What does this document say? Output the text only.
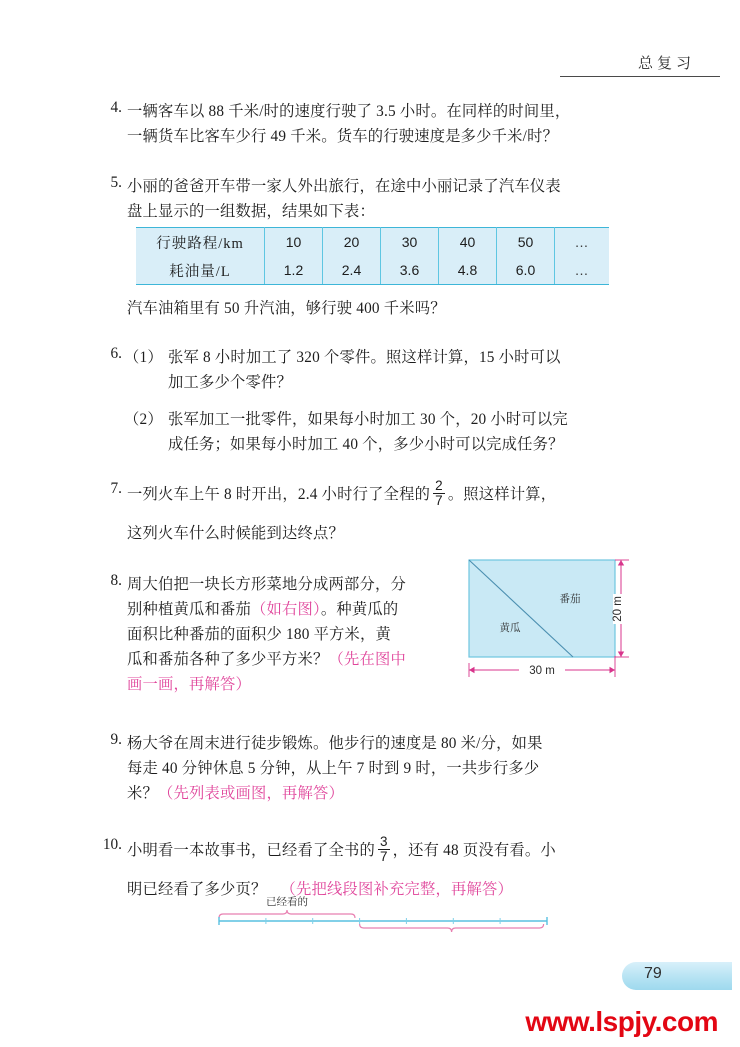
总复习
4. 一辆客车以 88 千米/时的速度行驶了 3.5 小时。在同样的时间里，
一辆货车比客车少行 49 千米。货车的行驶速度是多少千米/时？
5. 小丽的爸爸开车带一家人外出旅行，在途中小丽记录了汽车仪表
盘上显示的一组数据，结果如下表：
行驶路程/km	10	20	30	40	50	…
耗油量/L	1.2	2.4	3.6	4.8	6.0	…
汽车油箱里有 50 升汽油，够行驶 400 千米吗？
6. （1） 张军 8 小时加工了 320 个零件。照这样计算，15 小时可以
加工多少个零件？
（2） 张军加工一批零件，如果每小时加工 30 个，20 小时可以完
成任务；如果每小时加工 40 个，多少小时可以完成任务？
7. 一列火车上午 8 时开出，2.4 小时行了全程的 $\frac{2}{7}$ 。照这样计算，
这列火车什么时候能到达终点？
8. 周大伯把一块长方形菜地分成两部分，分
别种植黄瓜和番茄（如右图）。种黄瓜的
面积比种番茄的面积少 180 平方米，黄
瓜和番茄各种了多少平方米？（先在图中
画一画，再解答）
黄瓜
番茄	20 m
30 m
9. 杨大爷在周末进行徒步锻炼。他步行的速度是 80 米/分，如果
每走 40 分钟休息 5 分钟，从上午 7 时到 9 时，一共步行多少
米？（先列表或画图，再解答）
10. 小明看一本故事书，已经看了全书的 $\frac{3}{7}$ ，还有 48 页没有看。小
明已经看了多少页？ （先把线段图补充完整，再解答）
已经看的
79
www.lspjy.com
